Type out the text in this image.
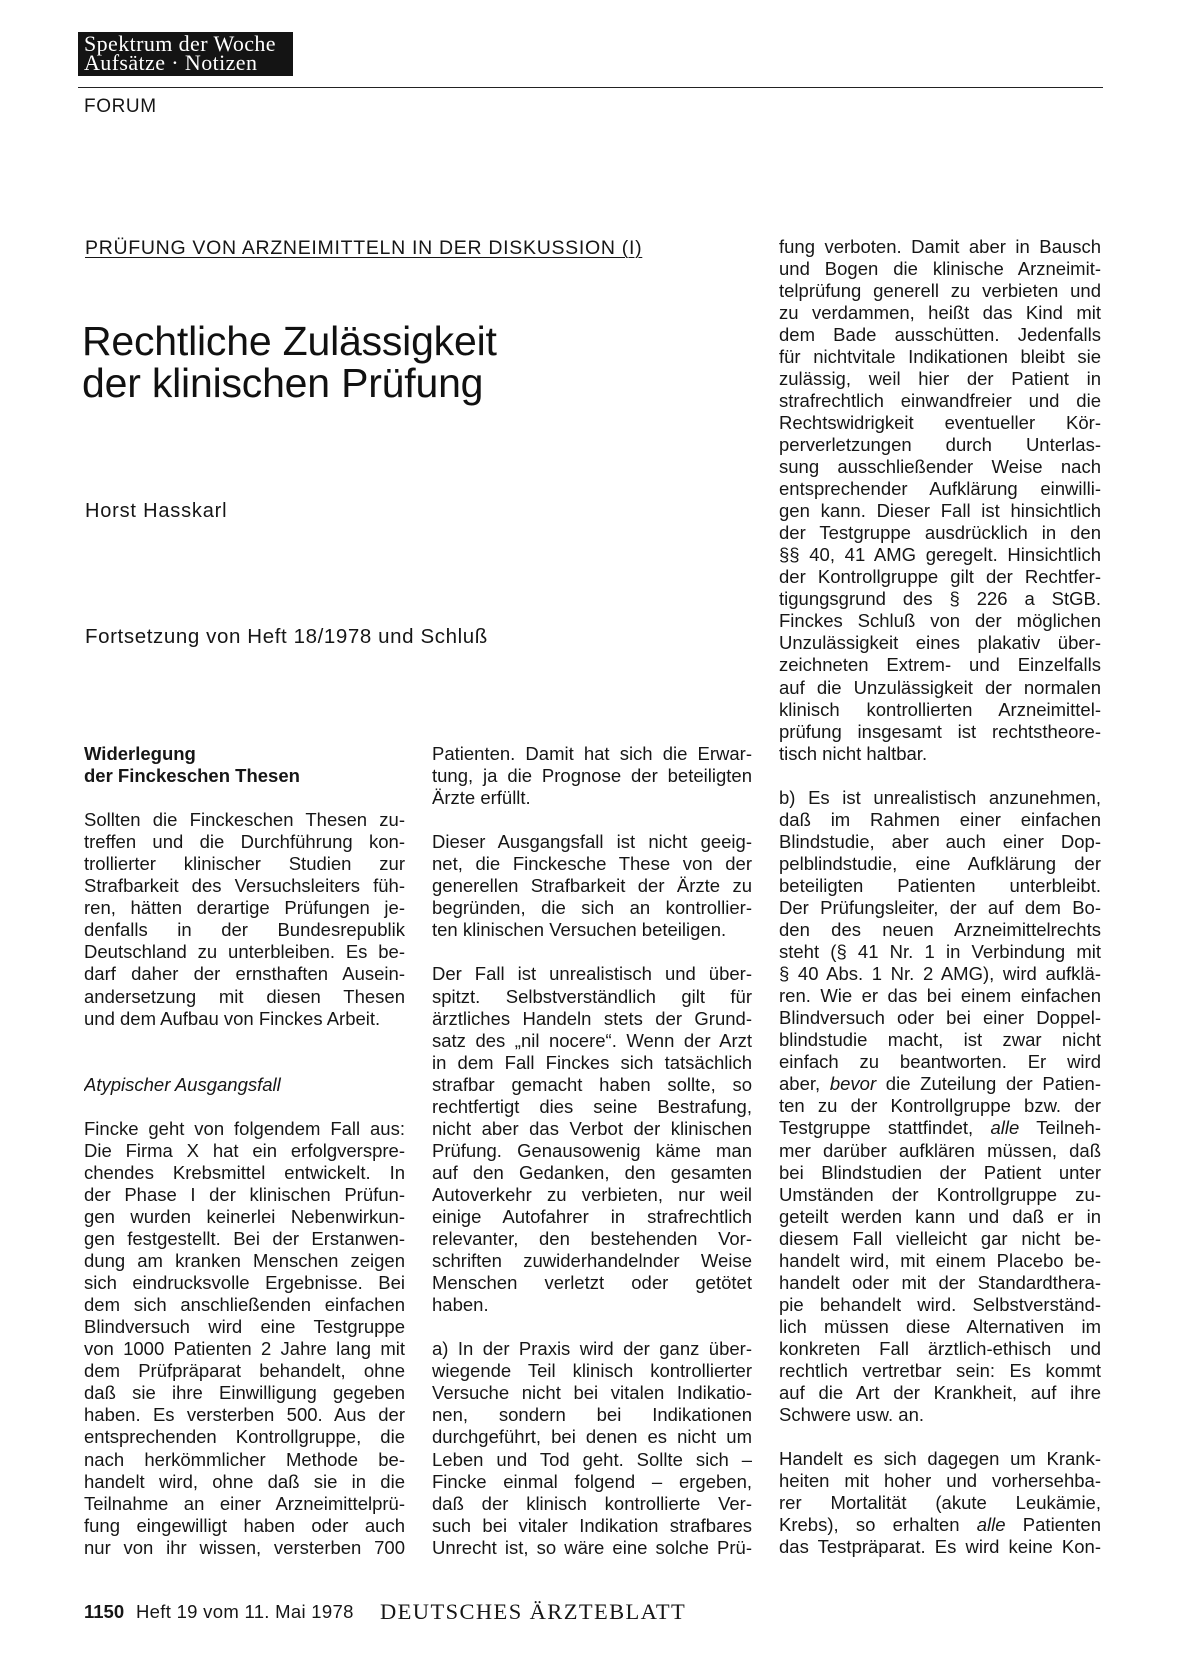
Spektrum der Woche
Aufsätze · Notizen
FORUM
PRÜFUNG VON ARZNEIMITTELN IN DER DISKUSSION (I)
Rechtliche Zulässigkeit
der klinischen Prüfung
Horst Hasskarl
Fortsetzung von Heft 18/1978 und Schluß
Widerlegung
der Finckeschen Thesen
Sollten die Finckeschen Thesen zu-
treffen und die Durchführung kon-
trollierter klinischer Studien zur
Strafbarkeit des Versuchsleiters füh-
ren, hätten derartige Prüfungen je-
denfalls in der Bundesrepublik
Deutschland zu unterbleiben. Es be-
darf daher der ernsthaften Ausein-
andersetzung mit diesen Thesen
und dem Aufbau von Finckes Arbeit.
Atypischer Ausgangsfall
Fincke geht von folgendem Fall aus:
Die Firma X hat ein erfolgverspre-
chendes Krebsmittel entwickelt. In
der Phase I der klinischen Prüfun-
gen wurden keinerlei Nebenwirkun-
gen festgestellt. Bei der Erstanwen-
dung am kranken Menschen zeigen
sich eindrucksvolle Ergebnisse. Bei
dem sich anschließenden einfachen
Blindversuch wird eine Testgruppe
von 1000 Patienten 2 Jahre lang mit
dem Prüfpräparat behandelt, ohne
daß sie ihre Einwilligung gegeben
haben. Es versterben 500. Aus der
entsprechenden Kontrollgruppe, die
nach herkömmlicher Methode be-
handelt wird, ohne daß sie in die
Teilnahme an einer Arzneimittelprü-
fung eingewilligt haben oder auch
nur von ihr wissen, versterben 700
Patienten. Damit hat sich die Erwar-
tung, ja die Prognose der beteiligten
Ärzte erfüllt.
Dieser Ausgangsfall ist nicht geeig-
net, die Finckesche These von der
generellen Strafbarkeit der Ärzte zu
begründen, die sich an kontrollier-
ten klinischen Versuchen beteiligen.
Der Fall ist unrealistisch und über-
spitzt. Selbstverständlich gilt für
ärztliches Handeln stets der Grund-
satz des „nil nocere“. Wenn der Arzt
in dem Fall Finckes sich tatsächlich
strafbar gemacht haben sollte, so
rechtfertigt dies seine Bestrafung,
nicht aber das Verbot der klinischen
Prüfung. Genausowenig käme man
auf den Gedanken, den gesamten
Autoverkehr zu verbieten, nur weil
einige Autofahrer in strafrechtlich
relevanter, den bestehenden Vor-
schriften zuwiderhandelnder Weise
Menschen verletzt oder getötet
haben.
a) In der Praxis wird der ganz über-
wiegende Teil klinisch kontrollierter
Versuche nicht bei vitalen Indikatio-
nen, sondern bei Indikationen
durchgeführt, bei denen es nicht um
Leben und Tod geht. Sollte sich –
Fincke einmal folgend – ergeben,
daß der klinisch kontrollierte Ver-
such bei vitaler Indikation strafbares
Unrecht ist, so wäre eine solche Prü-
fung verboten. Damit aber in Bausch
und Bogen die klinische Arzneimit-
telprüfung generell zu verbieten und
zu verdammen, heißt das Kind mit
dem Bade ausschütten. Jedenfalls
für nichtvitale Indikationen bleibt sie
zulässig, weil hier der Patient in
strafrechtlich einwandfreier und die
Rechtswidrigkeit eventueller Kör-
perverletzungen durch Unterlas-
sung ausschließender Weise nach
entsprechender Aufklärung einwilli-
gen kann. Dieser Fall ist hinsichtlich
der Testgruppe ausdrücklich in den
§§ 40, 41 AMG geregelt. Hinsichtlich
der Kontrollgruppe gilt der Rechtfer-
tigungsgrund des § 226 a StGB.
Finckes Schluß von der möglichen
Unzulässigkeit eines plakativ über-
zeichneten Extrem- und Einzelfalls
auf die Unzulässigkeit der normalen
klinisch kontrollierten Arzneimittel-
prüfung insgesamt ist rechtstheore-
tisch nicht haltbar.
b) Es ist unrealistisch anzunehmen,
daß im Rahmen einer einfachen
Blindstudie, aber auch einer Dop-
pelblindstudie, eine Aufklärung der
beteiligten Patienten unterbleibt.
Der Prüfungsleiter, der auf dem Bo-
den des neuen Arzneimittelrechts
steht (§ 41 Nr. 1 in Verbindung mit
§ 40 Abs. 1 Nr. 2 AMG), wird aufklä-
ren. Wie er das bei einem einfachen
Blindversuch oder bei einer Doppel-
blindstudie macht, ist zwar nicht
einfach zu beantworten. Er wird
aber, bevor die Zuteilung der Patien-
ten zu der Kontrollgruppe bzw. der
Testgruppe stattfindet, alle Teilneh-
mer darüber aufklären müssen, daß
bei Blindstudien der Patient unter
Umständen der Kontrollgruppe zu-
geteilt werden kann und daß er in
diesem Fall vielleicht gar nicht be-
handelt wird, mit einem Placebo be-
handelt oder mit der Standardthera-
pie behandelt wird. Selbstverständ-
lich müssen diese Alternativen im
konkreten Fall ärztlich-ethisch und
rechtlich vertretbar sein: Es kommt
auf die Art der Krankheit, auf ihre
Schwere usw. an.
Handelt es sich dagegen um Krank-
heiten mit hoher und vorhersehba-
rer Mortalität (akute Leukämie,
Krebs), so erhalten alle Patienten
das Testpräparat. Es wird keine Kon-
1150 Heft 19 vom 11. Mai 1978 DEUTSCHES ÄRZTEBLATT
